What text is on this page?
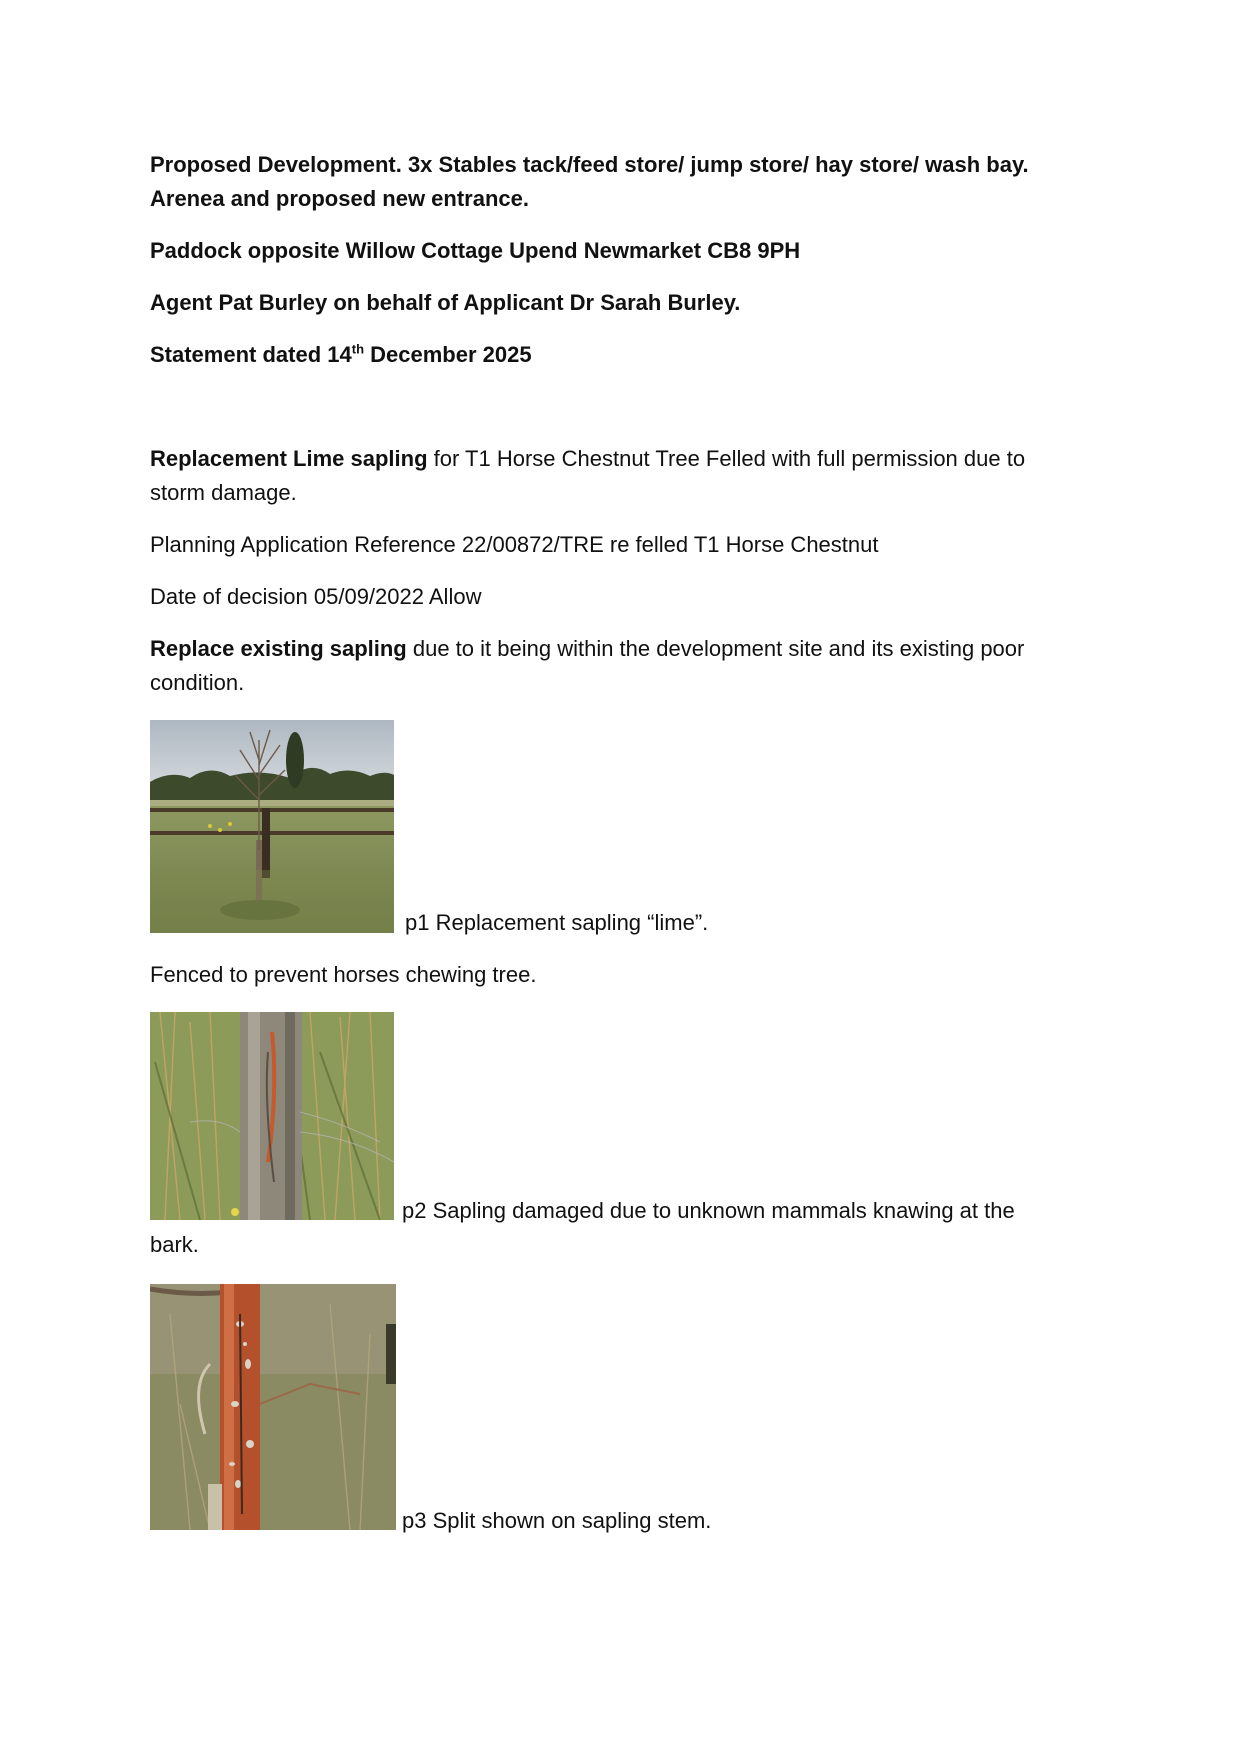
Proposed Development. 3x Stables tack/feed store/ jump store/ hay store/ wash bay.
Arenea and proposed new entrance.
Paddock opposite Willow Cottage Upend Newmarket CB8 9PH
Agent Pat Burley on behalf of Applicant Dr Sarah Burley.
Statement dated 14th December 2025
Replacement Lime sapling for T1 Horse Chestnut Tree Felled with full permission due to
storm damage.
Planning Application Reference 22/00872/TRE re felled T1 Horse Chestnut
Date of decision 05/09/2022 Allow
Replace existing sapling due to it being within the development site and its existing poor
condition.
p1 Replacement sapling “lime”.
Fenced to prevent horses chewing tree.
p2 Sapling damaged due to unknown mammals knawing at the
bark.
p3 Split shown on sapling stem.
